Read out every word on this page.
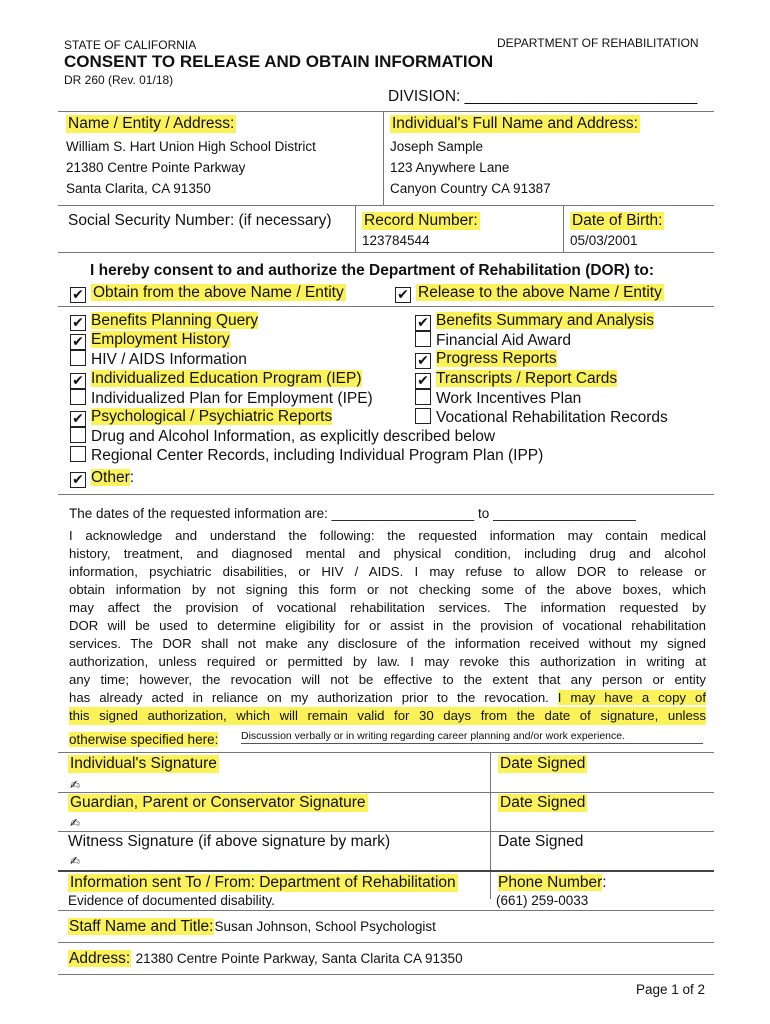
STATE OF CALIFORNIA	DEPARTMENT OF REHABILITATION
CONSENT TO RELEASE AND OBTAIN INFORMATION
DR 260 (Rev. 01/18)
DIVISION: ___________________________
Name / Entity / Address:
William S. Hart Union High School District
21380 Centre Pointe Parkway
Santa Clarita, CA 91350
Individual's Full Name and Address:
Joseph Sample
123 Anywhere Lane
Canyon Country CA 91387
Social Security Number: (if necessary) Record Number:
123784544
Date of Birth:
05/03/2001
I hereby consent to and authorize the Department of Rehabilitation (DOR) to:
✔ Obtain from the above Name / Entity	✔ Release to the above Name / Entity
✔ Benefits Planning Query
✔ Employment History
HIV / AIDS Information
✔ Individualized Education Program (IEP)
Individualized Plan for Employment (IPE)
✔ Psychological / Psychiatric Reports
✔ Benefits Summary and Analysis
Financial Aid Award
✔ Progress Reports
✔ Transcripts / Report Cards
Work Incentives Plan
Vocational Rehabilitation Records
Drug and Alcohol Information, as explicitly described below
Regional Center Records, including Individual Program Plan (IPP)
✔ Other:
The dates of the requested information are: ___________________ to ___________________
I acknowledge and understand the following: the requested information may contain medical
history, treatment, and diagnosed mental and physical condition, including drug and alcohol
information, psychiatric disabilities, or HIV / AIDS. I may refuse to allow DOR to release or
obtain information by not signing this form or not checking some of the above boxes, which
may affect the provision of vocational rehabilitation services. The information requested by
DOR will be used to determine eligibility for or assist in the provision of vocational rehabilitation
services. The DOR shall not make any disclosure of the information received without my signed
authorization, unless required or permitted by law. I may revoke this authorization in writing at
any time; however, the revocation will not be effective to the extent that any person or entity
has already acted in reliance on my authorization prior to the revocation. I may have a copy of
this signed authorization, which will remain valid for 30 days from the date of signature, unless
otherwise specified here: Discussion verbally or in writing regarding career planning and/or work experience.
Individual's Signature
✍
Date Signed
Guardian, Parent or Conservator Signature
✍
Date Signed
Witness Signature (if above signature by mark)
✍
Date Signed
Information sent To / From: Department of Rehabilitation
Evidence of documented disability.
Phone Number:
(661) 259-0033
Staff Name and Title:Susan Johnson, School Psychologist
Address: 21380 Centre Pointe Parkway, Santa Clarita CA 91350
Page 1 of 2
